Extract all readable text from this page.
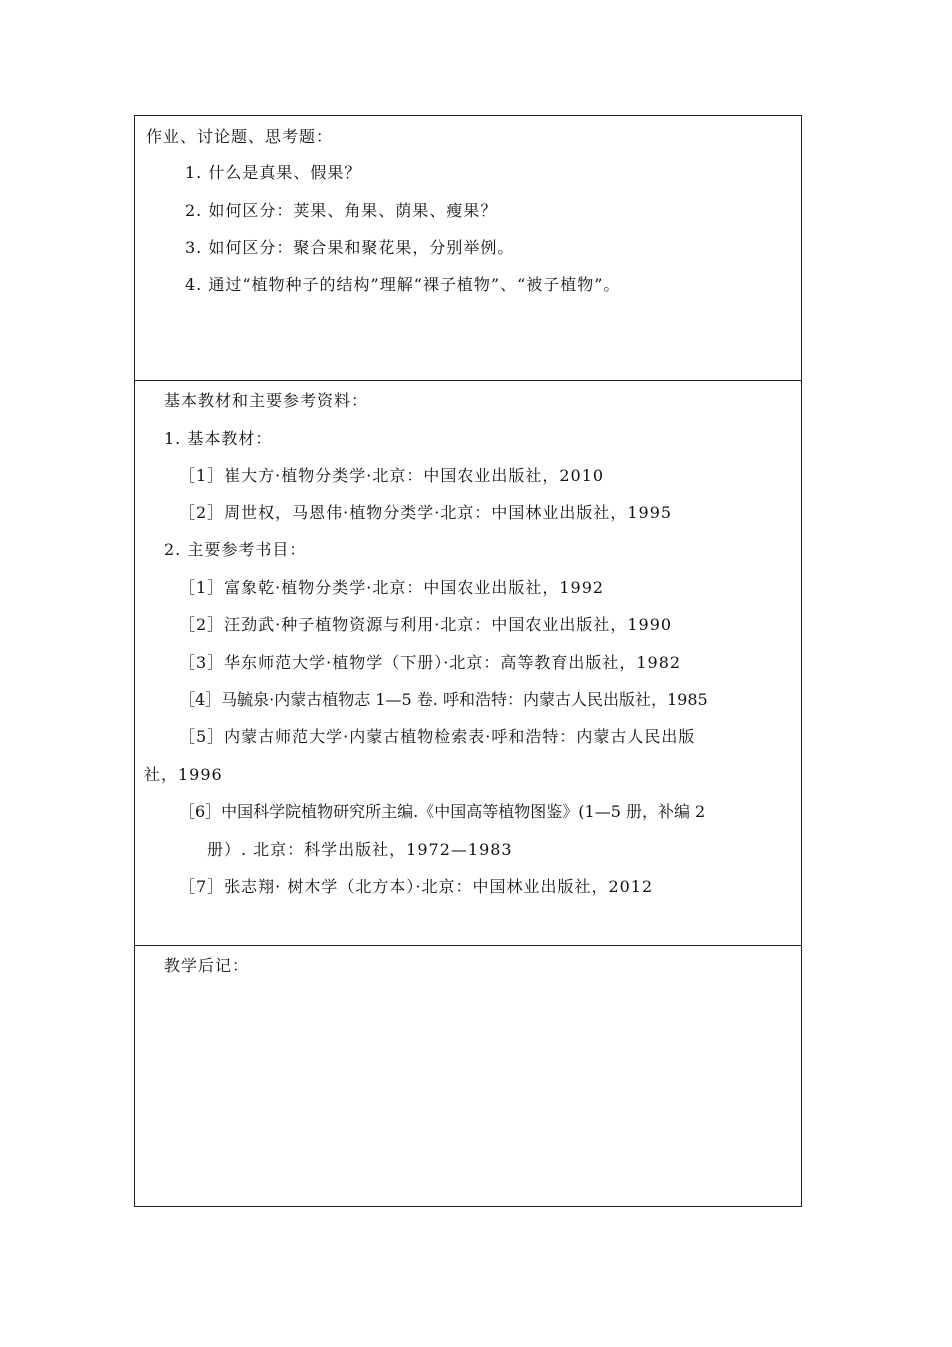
作业、讨论题、思考题：
1. 什么是真果、假果？
2. 如何区分：荚果、角果、荫果、瘦果？
3. 如何区分：聚合果和聚花果，分别举例。
4. 通过“植物种子的结构”理解“裸子植物”、“被子植物”。
基本教材和主要参考资料：
1. 基本教材：
［1］崔大方·植物分类学·北京：中国农业出版社，2010
［2］周世权，马恩伟·植物分类学·北京：中国林业出版社，1995
2. 主要参考书目：
［1］富象乾·植物分类学·北京：中国农业出版社，1992
［2］汪劲武·种子植物资源与利用·北京：中国农业出版社，1990
［3］华东师范大学·植物学（下册）·北京：高等教育出版社，1982
［4］马毓泉·内蒙古植物志 1—5 卷. 呼和浩特：内蒙古人民出版社，1985
［5］内蒙古师范大学·内蒙古植物检索表·呼和浩特：内蒙古人民出版
社，1996
［6］中国科学院植物研究所主编.《中国高等植物图鉴》(1—5 册，补编 2
册）. 北京：科学出版社，1972—1983
［7］张志翔· 树木学（北方本）·北京：中国林业出版社，2012
教学后记：
